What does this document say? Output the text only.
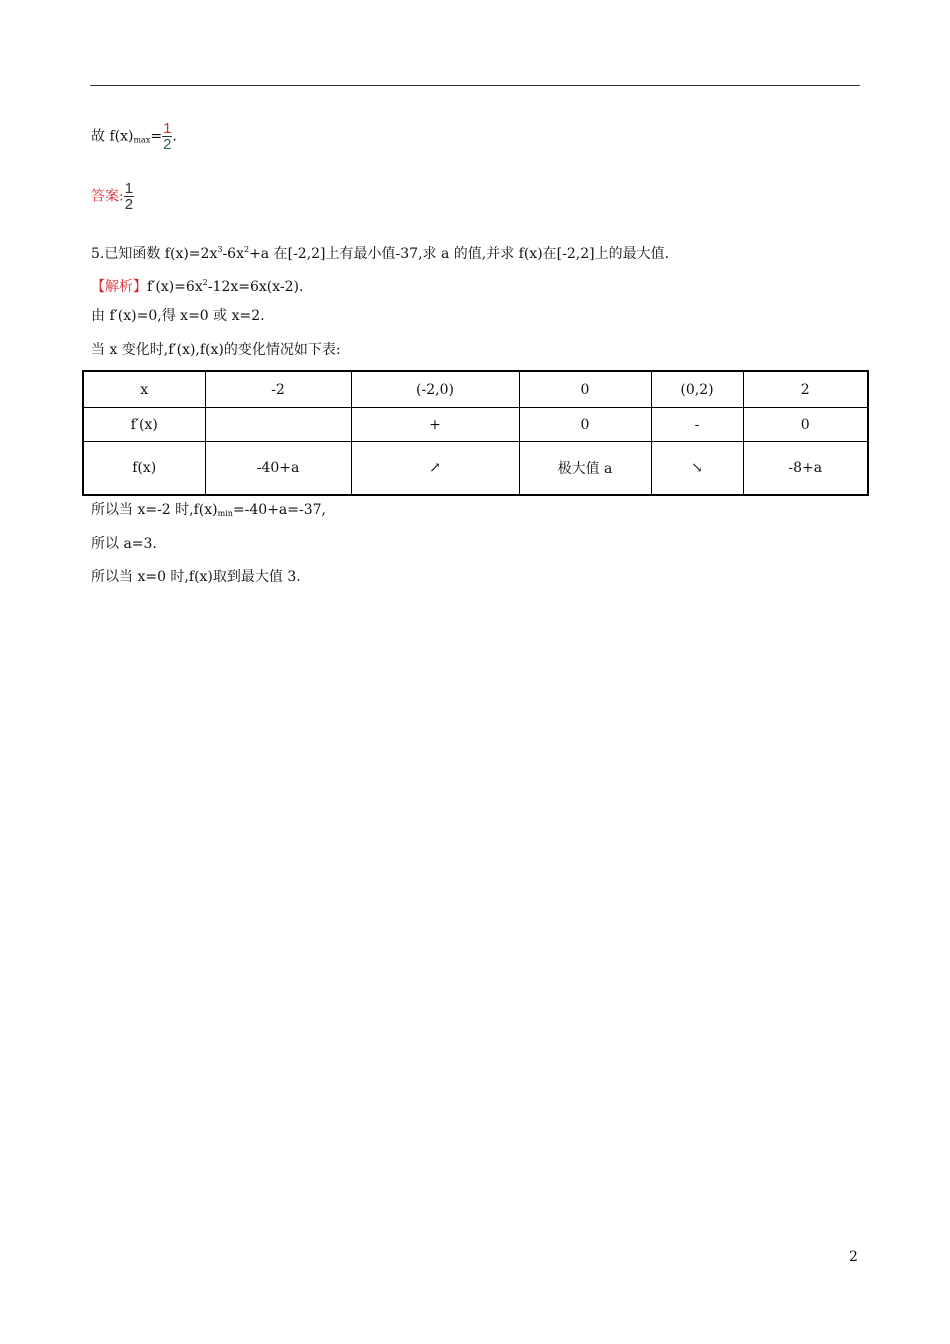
故 $f(x)_{max}= \frac{1}{2}$ .
答案: $\frac{1}{2}$
5.已知函数 $f(x)=2x^3-6x^2+a$ 在[-2,2]上有最小值-37,求 a 的值,并求 f(x)在[-2,2]上的最大值.
【解析】$f'(x)=6x^2-12x=6x(x-2)$.
由 f′(x)=0,得 x=0 或 x=2.
当 x 变化时,f′(x),f(x)的变化情况如下表:
x	-2	(-2,0)	0	(0,2)	2
f′(x)		+	0	-	0
f(x)	-40+a	↗	极大值 a	↘	-8+a
所以当 x=-2 时$,f(x)_{min}=-40+a=-37$,
所以 a=3.
所以当 x=0 时,f(x)取到最大值 3.
2
